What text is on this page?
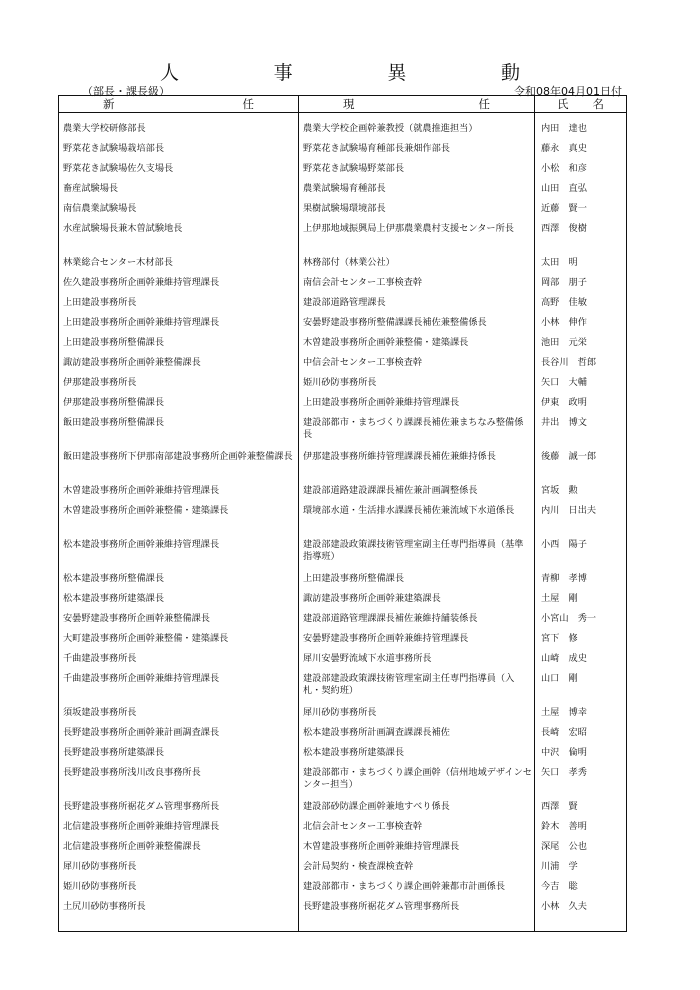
人	事	異	動
（部長・課長級）	令和08年04月01日付
新 任	現 任	氏 名

農業大学校研修部長	農業大学校企画幹兼教授（就農推進担当）	内田　達也
野菜花き試験場栽培部長	野菜花き試験場育種部長兼畑作部長	藤永　真史
野菜花き試験場佐久支場長	野菜花き試験場野菜部長	小松　和彦
畜産試験場長	農業試験場育種部長	山田　直弘
南信農業試験場長	果樹試験場環境部長	近藤　賢一
水産試験場長兼木曽試験地長	上伊那地域振興局上伊那農業農村支援センター所長	西澤　俊樹
林業総合センター木材部長	林務部付（林業公社）	太田　明
佐久建設事務所企画幹兼維持管理課長	南信会計センター工事検査幹	岡部　朋子
上田建設事務所長	建設部道路管理課長	高野　佳敏
上田建設事務所企画幹兼維持管理課長	安曇野建設事務所整備課課長補佐兼整備係長	小林　伸作
上田建設事務所整備課長	木曽建設事務所企画幹兼整備・建築課長	池田　元栄
諏訪建設事務所企画幹兼整備課長	中信会計センター工事検査幹	長谷川　哲郎
伊那建設事務所長	姫川砂防事務所長	矢口　大輔
伊那建設事務所整備課長	上田建設事務所企画幹兼維持管理課長	伊東　政明
飯田建設事務所整備課長	建設部都市・まちづくり課課長補佐兼まちなみ整備係長	井出　博文
飯田建設事務所下伊那南部建設事務所企画幹兼整備課長	伊那建設事務所維持管理課課長補佐兼維持係長	後藤　誠一郎
木曽建設事務所企画幹兼維持管理課長	建設部道路建設課課長補佐兼計画調整係長	宮坂　勲
木曽建設事務所企画幹兼整備・建築課長	環境部水道・生活排水課課長補佐兼流域下水道係長	内川　日出夫
松本建設事務所企画幹兼維持管理課長	建設部建設政策課技術管理室副主任専門指導員（基準指導班）	小西　陽子
松本建設事務所整備課長	上田建設事務所整備課長	青柳　孝博
松本建設事務所建築課長	諏訪建設事務所企画幹兼建築課長	土屋　剛
安曇野建設事務所企画幹兼整備課長	建設部道路管理課課長補佐兼維持舗装係長	小宮山　秀一
大町建設事務所企画幹兼整備・建築課長	安曇野建設事務所企画幹兼維持管理課長	宮下　修
千曲建設事務所長	犀川安曇野流域下水道事務所長	山崎　成史
千曲建設事務所企画幹兼維持管理課長	建設部建設政策課技術管理室副主任専門指導員（入札・契約班）	山口　剛
須坂建設事務所長	犀川砂防事務所長	土屋　博幸
長野建設事務所企画幹兼計画調査課長	松本建設事務所計画調査課課長補佐	長崎　宏昭
長野建設事務所建築課長	松本建設事務所建築課長	中沢　倫明
長野建設事務所浅川改良事務所長	建設部都市・まちづくり課企画幹（信州地域デザインセンター担当）	矢口　孝秀
長野建設事務所裾花ダム管理事務所長	建設部砂防課企画幹兼地すべり係長	西澤　賢
北信建設事務所企画幹兼維持管理課長	北信会計センター工事検査幹	鈴木　善明
北信建設事務所企画幹兼整備課長	木曽建設事務所企画幹兼維持管理課長	深尾　公也
犀川砂防事務所長	会計局契約・検査課検査幹	川浦　学
姫川砂防事務所長	建設部都市・まちづくり課企画幹兼都市計画係長	今吉　聡
土尻川砂防事務所長	長野建設事務所裾花ダム管理事務所長	小林　久夫
